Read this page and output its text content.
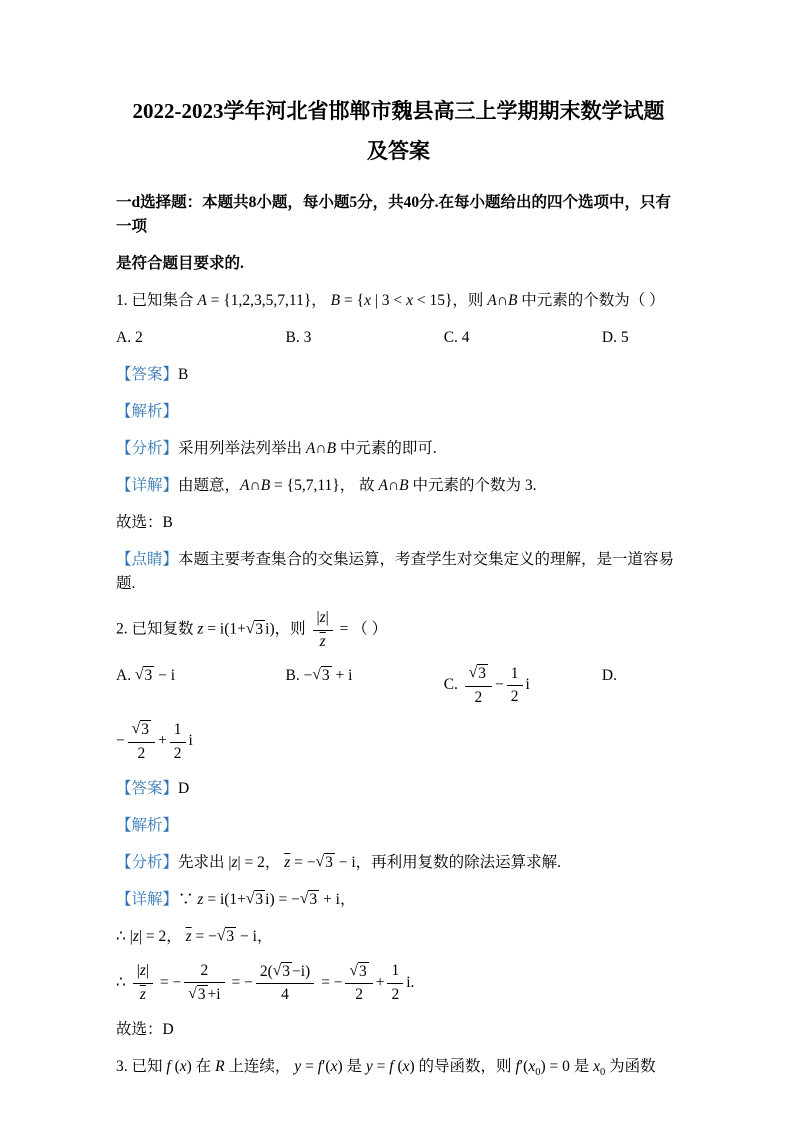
2022-2023学年河北省邯郸市魏县高三上学期期末数学试题
及答案
一d选择题：本题共8小题，每小题5分，共40分.在每小题给出的四个选项中，只有一项
是符合题目要求的.
1. 已知集合 A = {1,2,3,5,7,11}， B = {x | 3 < x < 15}，则 A∩B 中元素的个数为（ ）
A. 2	B. 3	C. 4	D. 5
【答案】B
【解析】
【分析】采用列举法列举出 A∩B 中元素的即可.
【详解】由题意，A∩B = {5,7,11}， 故 A∩B 中元素的个数为 3.
故选：B
【点睛】本题主要考查集合的交集运算，考查学生对交集定义的理解，是一道容易题.
2. 已知复数 z = i(1+√3 i)，则 $\frac{|z|}{z}$ = （ ）
A. √3 − i	B. −√3 + i
C. $\frac{√3}{2} - \frac{1}{2}$ i
D.
− $\frac{√3}{2} + \frac{1}{2}$ i
【答案】D
【解析】
【分析】先求出 |z| = 2， $\overline{z} = -√3 - i$，再利用复数的除法运算求解.
【详解】∵ z = i(1+√3 i) = −√3 + i，
∴ |z| = 2， $\overline{z} = -√3 - i$，
∴ $\frac{|z|}{z}$ = − $\frac{2}{√3 +i}$ = − $\frac{2(√3 -i)}{4}$ = − $\frac{√3}{2} + \frac{1}{2} i$.
故选：D
3. 已知 f (x) 在 R 上连续， y = f′(x) 是 y = f (x) 的导函数，则 $f'(x_0) = 0$ 是 $x_0$ 为函数
